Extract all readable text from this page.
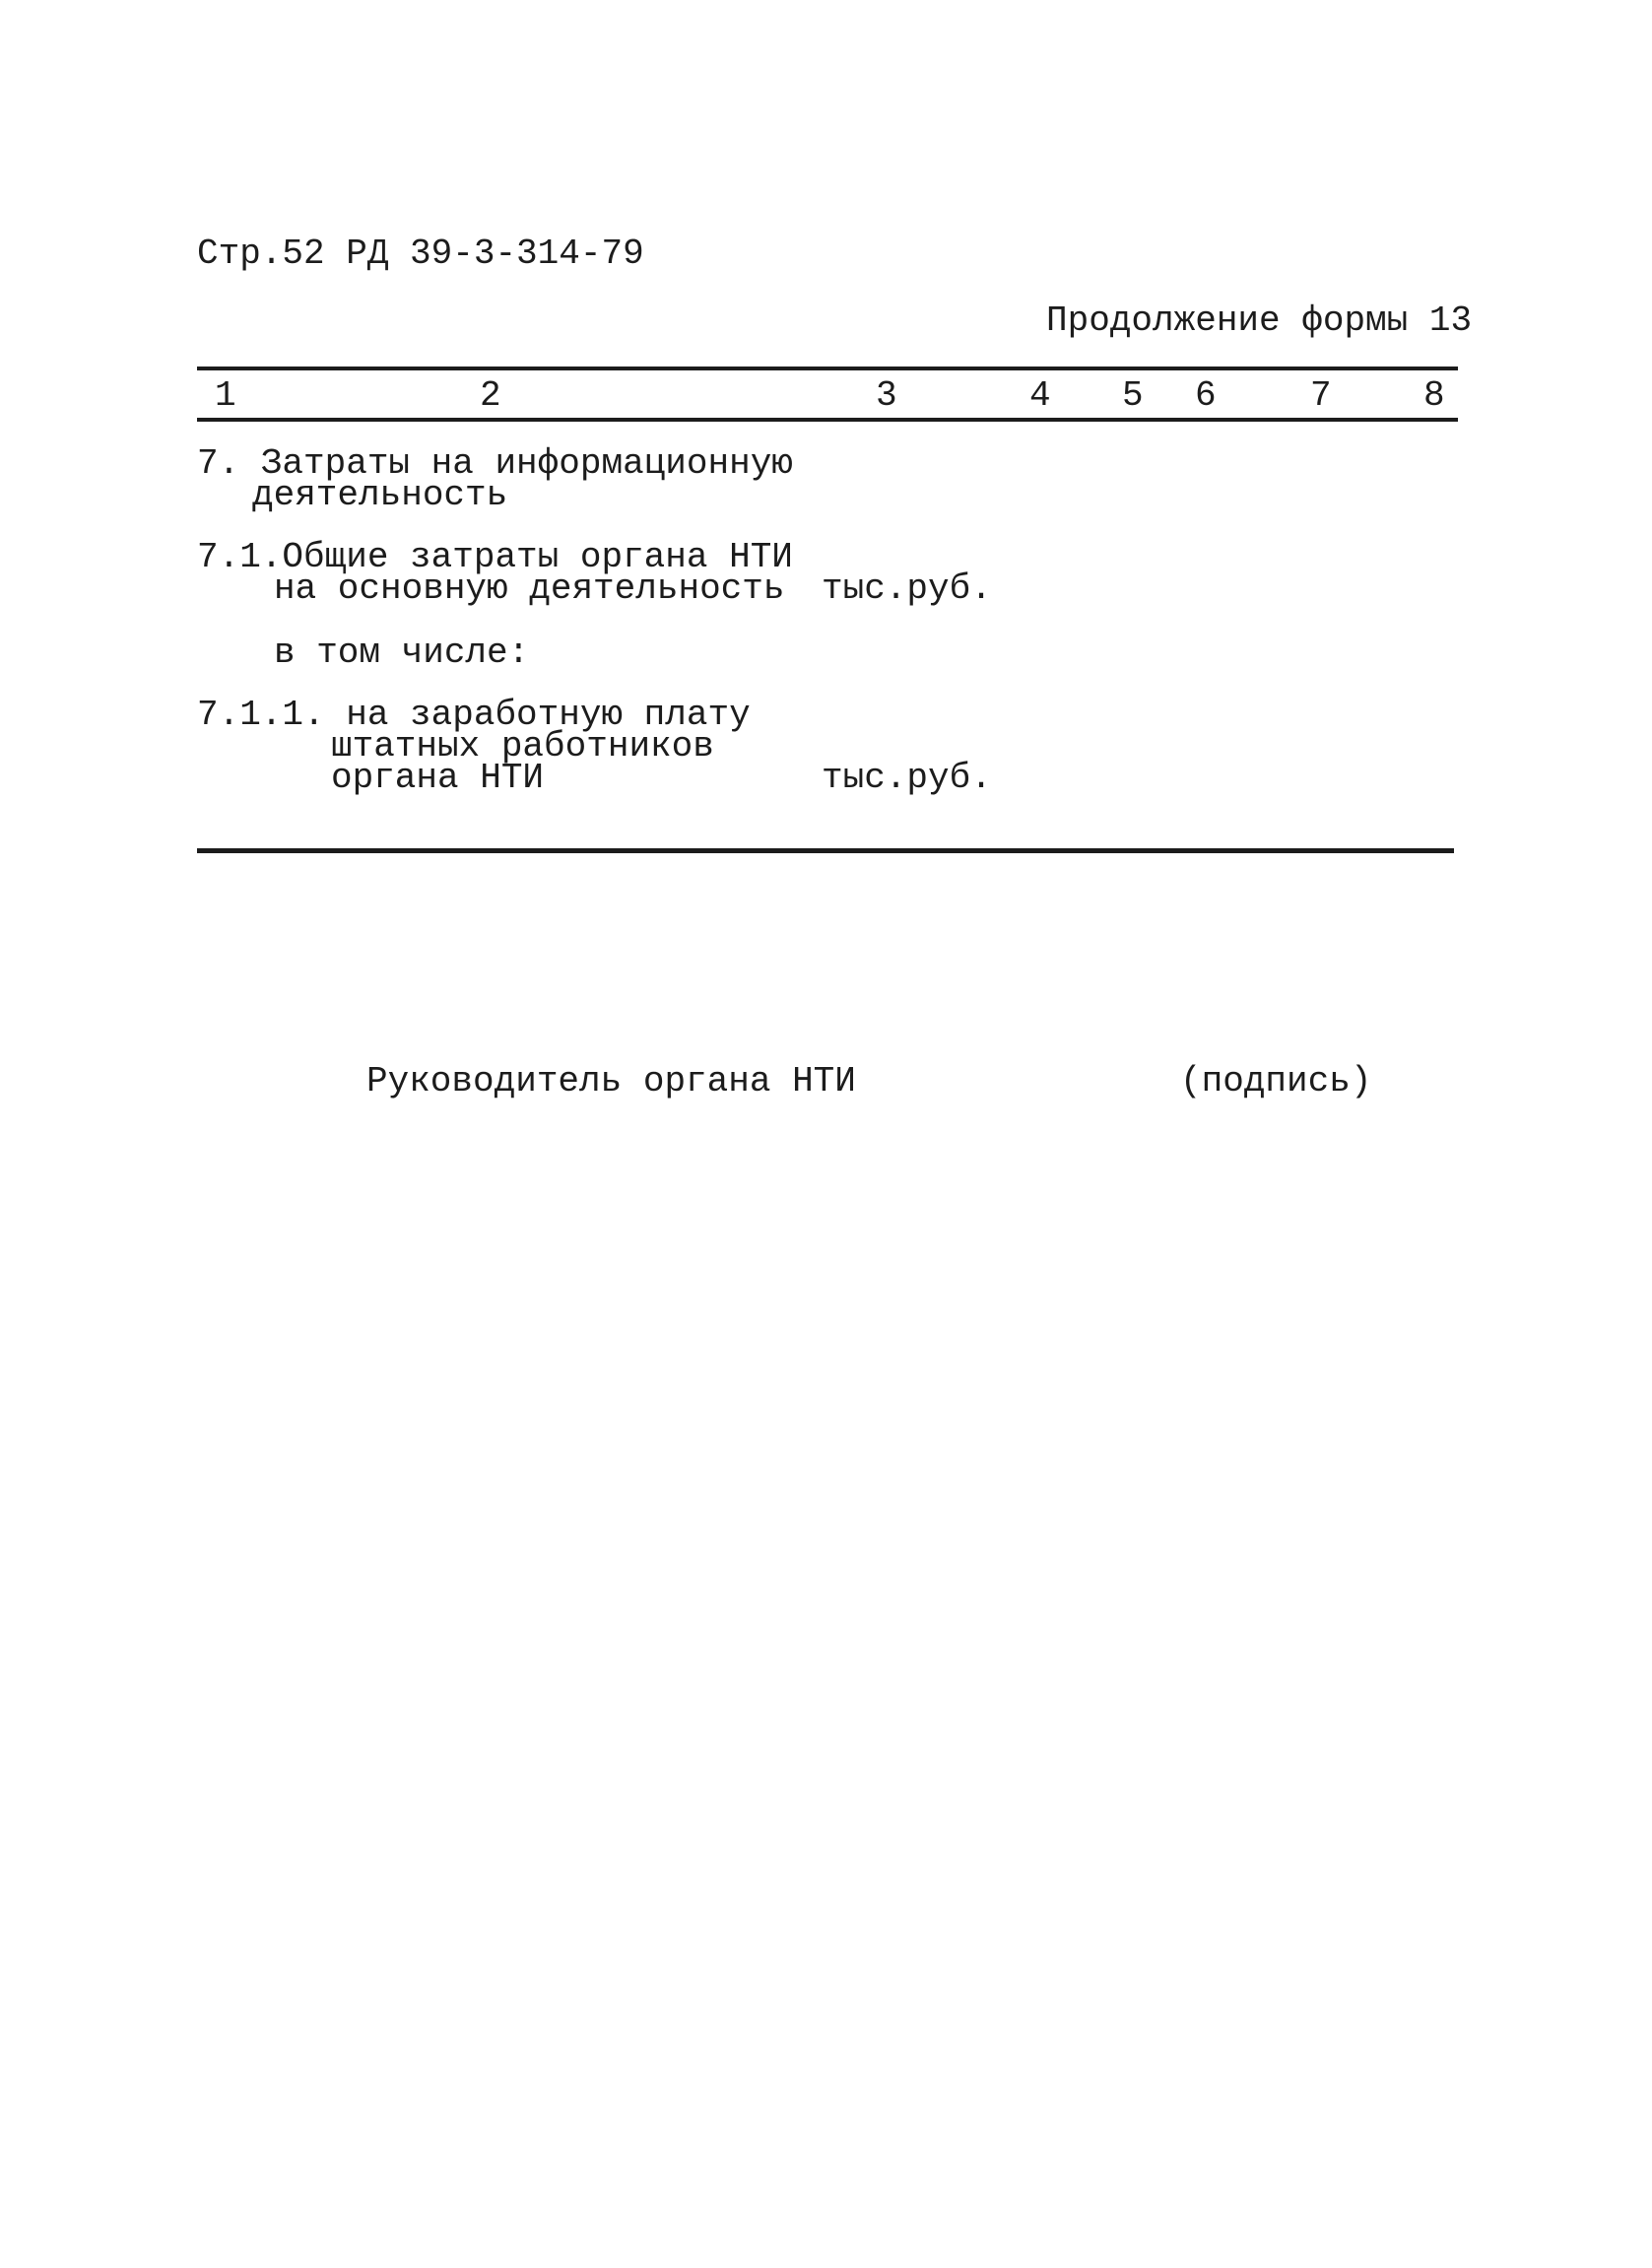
Стр.52 РД 39-3-314-79
Продолжение формы 13
1	2	3	4 5 6	7	8
7. Затраты на информационную
деятельность
7.1.Общие затраты органа НТИ
на основную деятельность тыс.руб.
в том числе:
7.1.1. на заработную плату
штатных работников
органа НТИ	тыс.руб.
Руководитель органа НТИ	(подпись)
